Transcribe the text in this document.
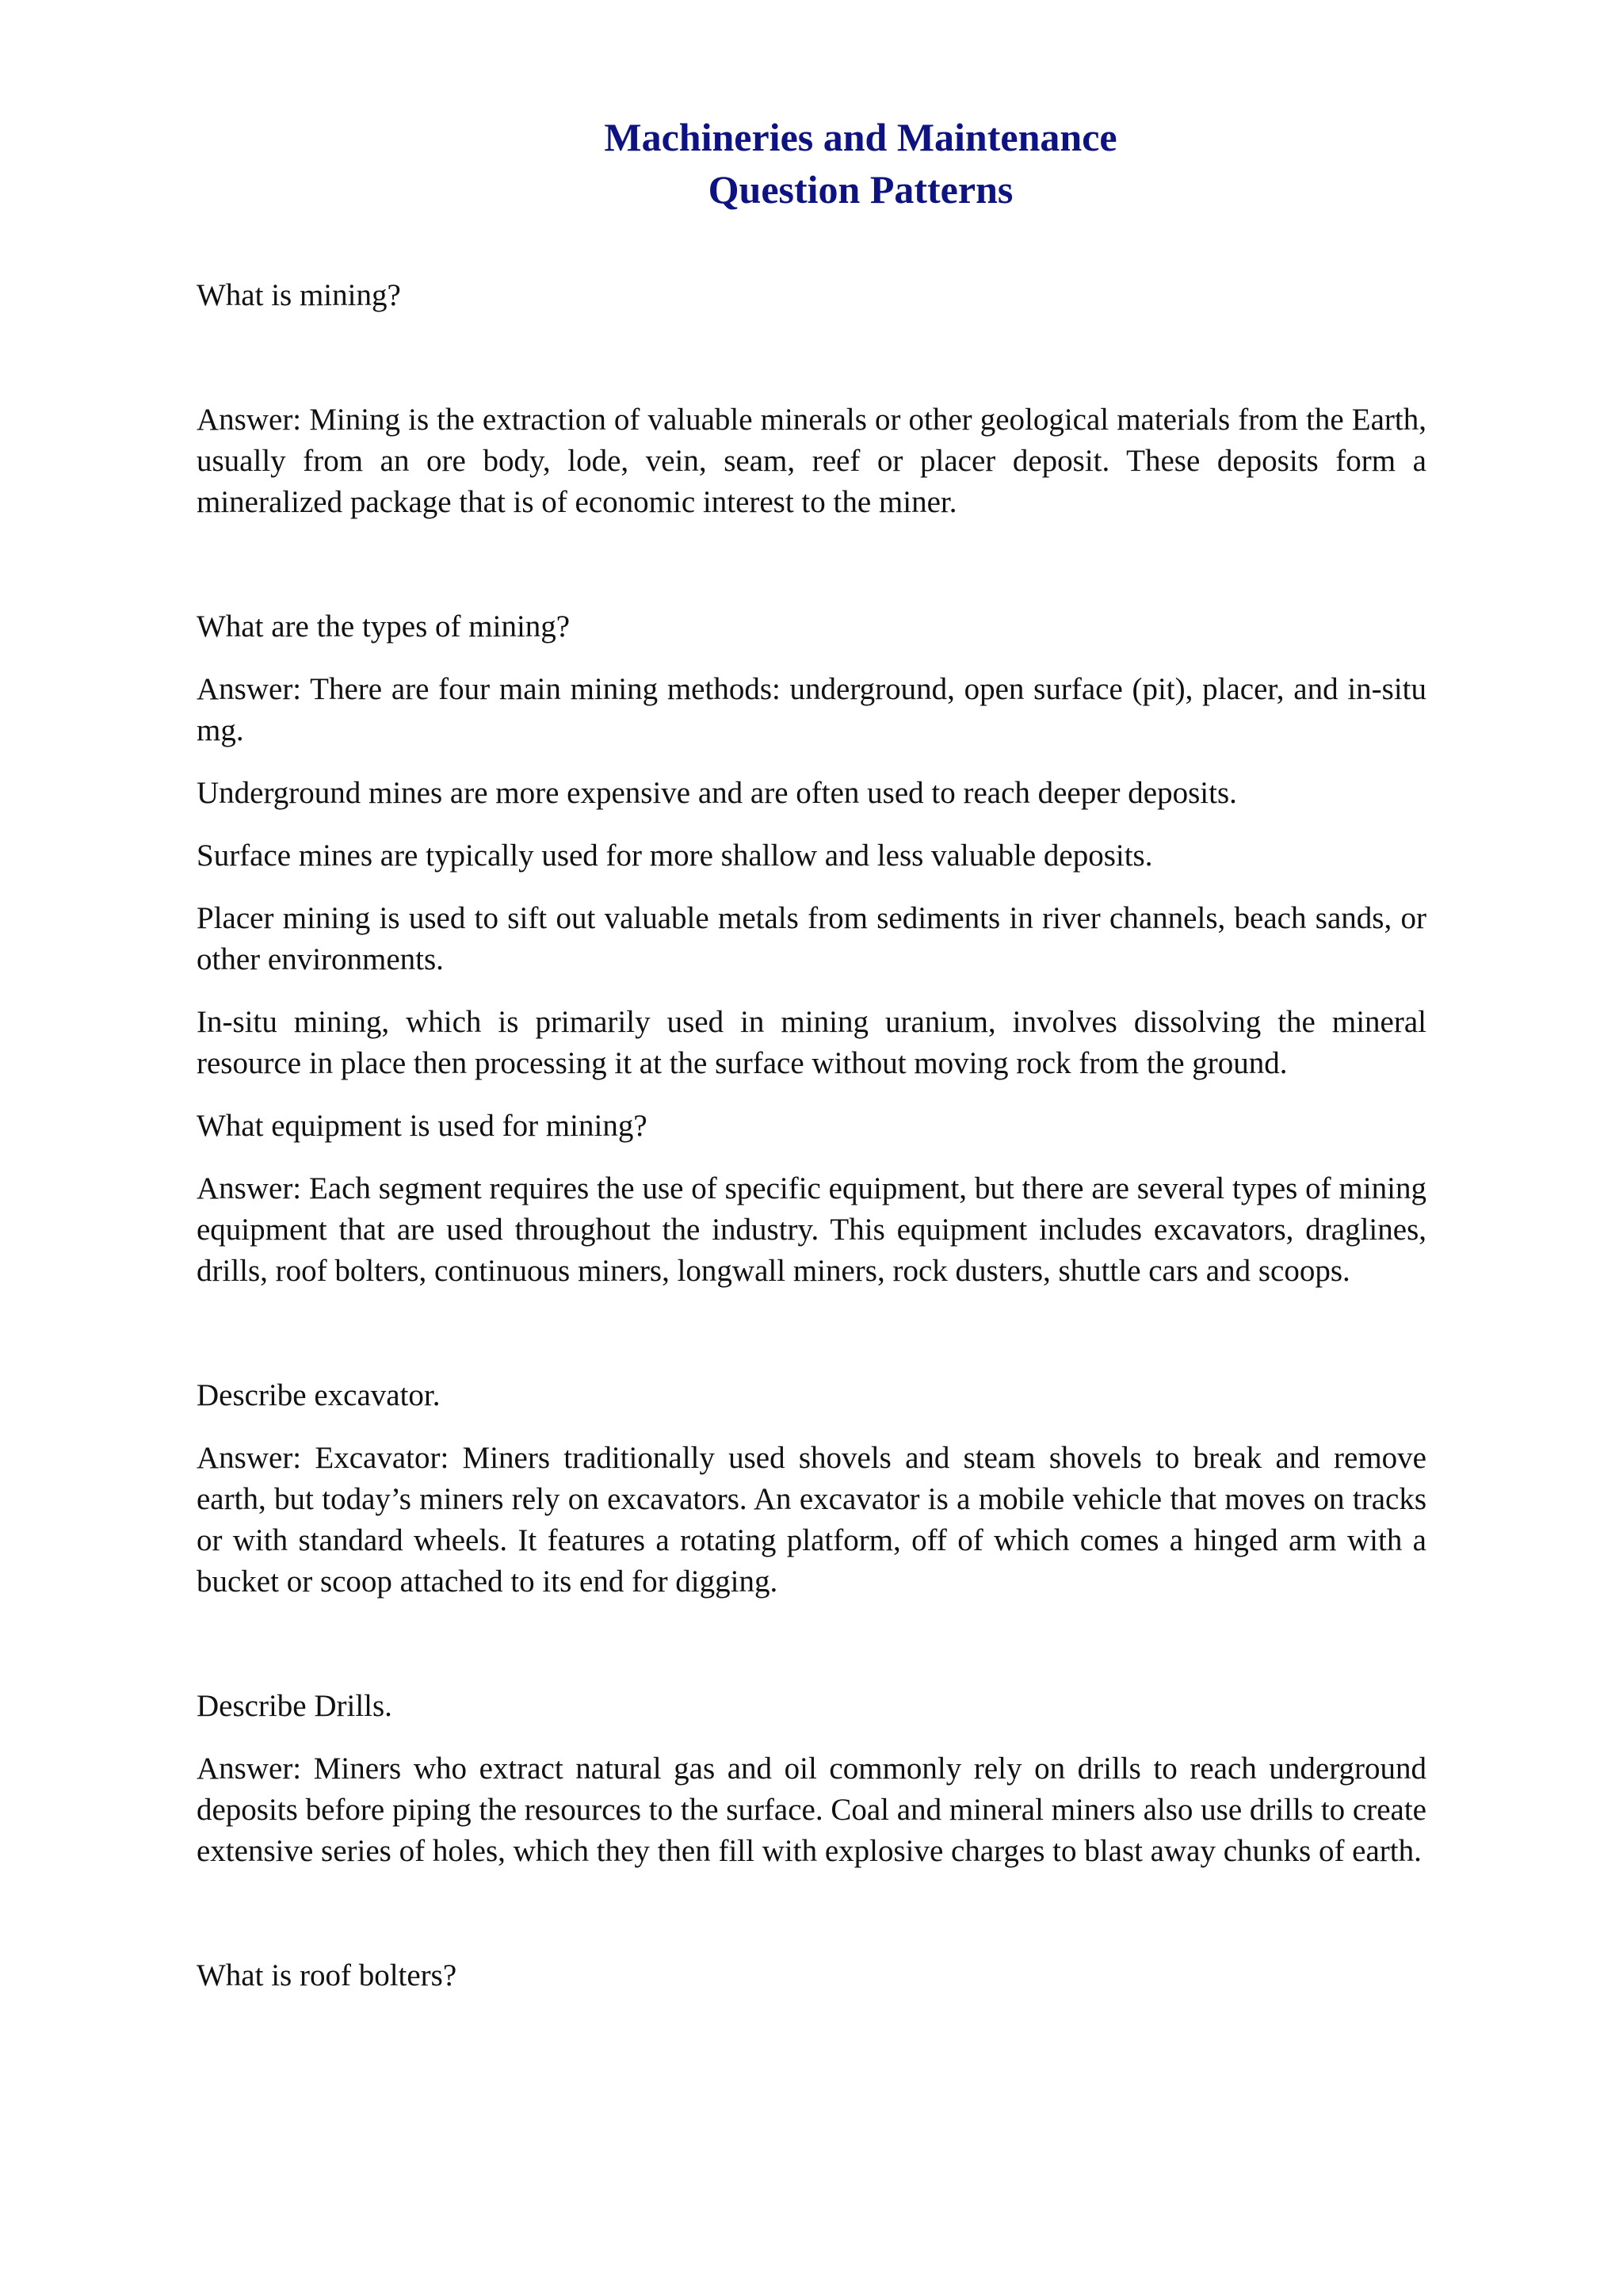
Machineries and Maintenance
Question Patterns

What is mining?

Answer: Mining is the extraction of valuable minerals or other geological materials from the Earth, usually from an ore body, lode, vein, seam, reef or placer deposit. These deposits form a mineralized package that is of economic interest to the miner.

What are the types of mining?

Answer: There are four main mining methods: underground, open surface (pit), placer, and in-situ mg.

Underground mines are more expensive and are often used to reach deeper deposits.

Surface mines are typically used for more shallow and less valuable deposits.

Placer mining is used to sift out valuable metals from sediments in river channels, beach sands, or other environments.

In-situ mining, which is primarily used in mining uranium, involves dissolving the mineral resource in place then processing it at the surface without moving rock from the ground.

What equipment is used for mining?

Answer: Each segment requires the use of specific equipment, but there are several types of mining equipment that are used throughout the industry. This equipment includes excavators, draglines, drills, roof bolters, continuous miners, longwall miners, rock dusters, shuttle cars and scoops.

Describe excavator.

Answer: Excavator: Miners traditionally used shovels and steam shovels to break and remove earth, but today’s miners rely on excavators. An excavator is a mobile vehicle that moves on tracks or with standard wheels. It features a rotating platform, off of which comes a hinged arm with a bucket or scoop attached to its end for digging.

Describe Drills.

Answer: Miners who extract natural gas and oil commonly rely on drills to reach underground deposits before piping the resources to the surface. Coal and mineral miners also use drills to create extensive series of holes, which they then fill with explosive charges to blast away chunks of earth.

What is roof bolters?
